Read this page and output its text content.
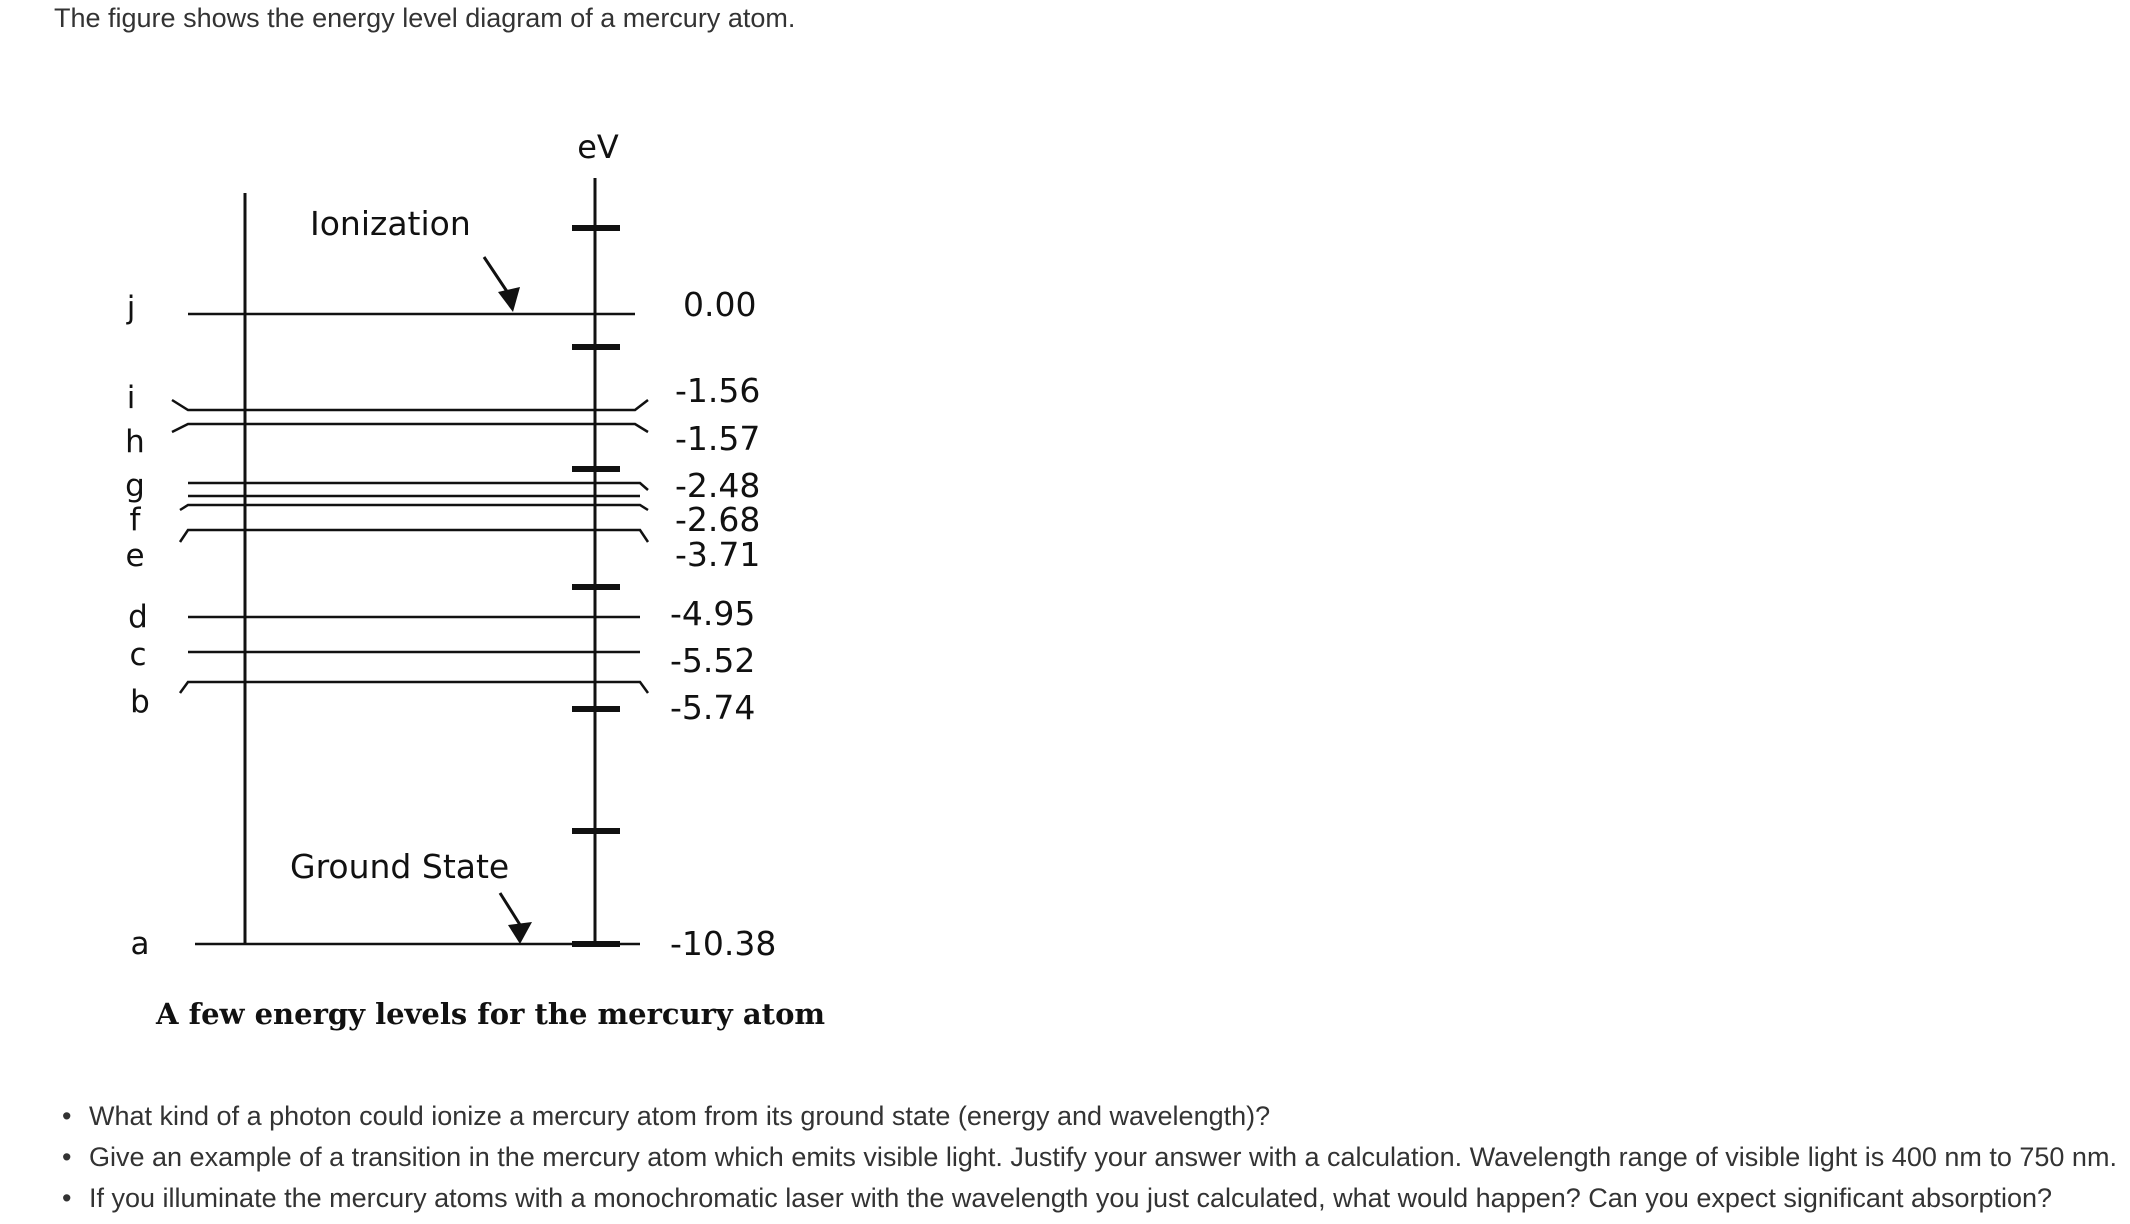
The figure shows the energy level diagram of a mercury atom.

eV
Ionization
Ground State
j
i
h
g
f
e
d
c
b
a
0.00
-1.56
-1.57
-2.48
-2.68
-3.71
-4.95
-5.52
-5.74
-10.38
A few energy levels for the mercury atom
• What kind of a photon could ionize a mercury atom from its ground state (energy and wavelength)?
• Give an example of a transition in the mercury atom which emits visible light. Justify your answer with a calculation. Wavelength range of visible light is 400 nm to 750 nm.
• If you illuminate the mercury atoms with a monochromatic laser with the wavelength you just calculated, what would happen? Can you expect significant absorption?
